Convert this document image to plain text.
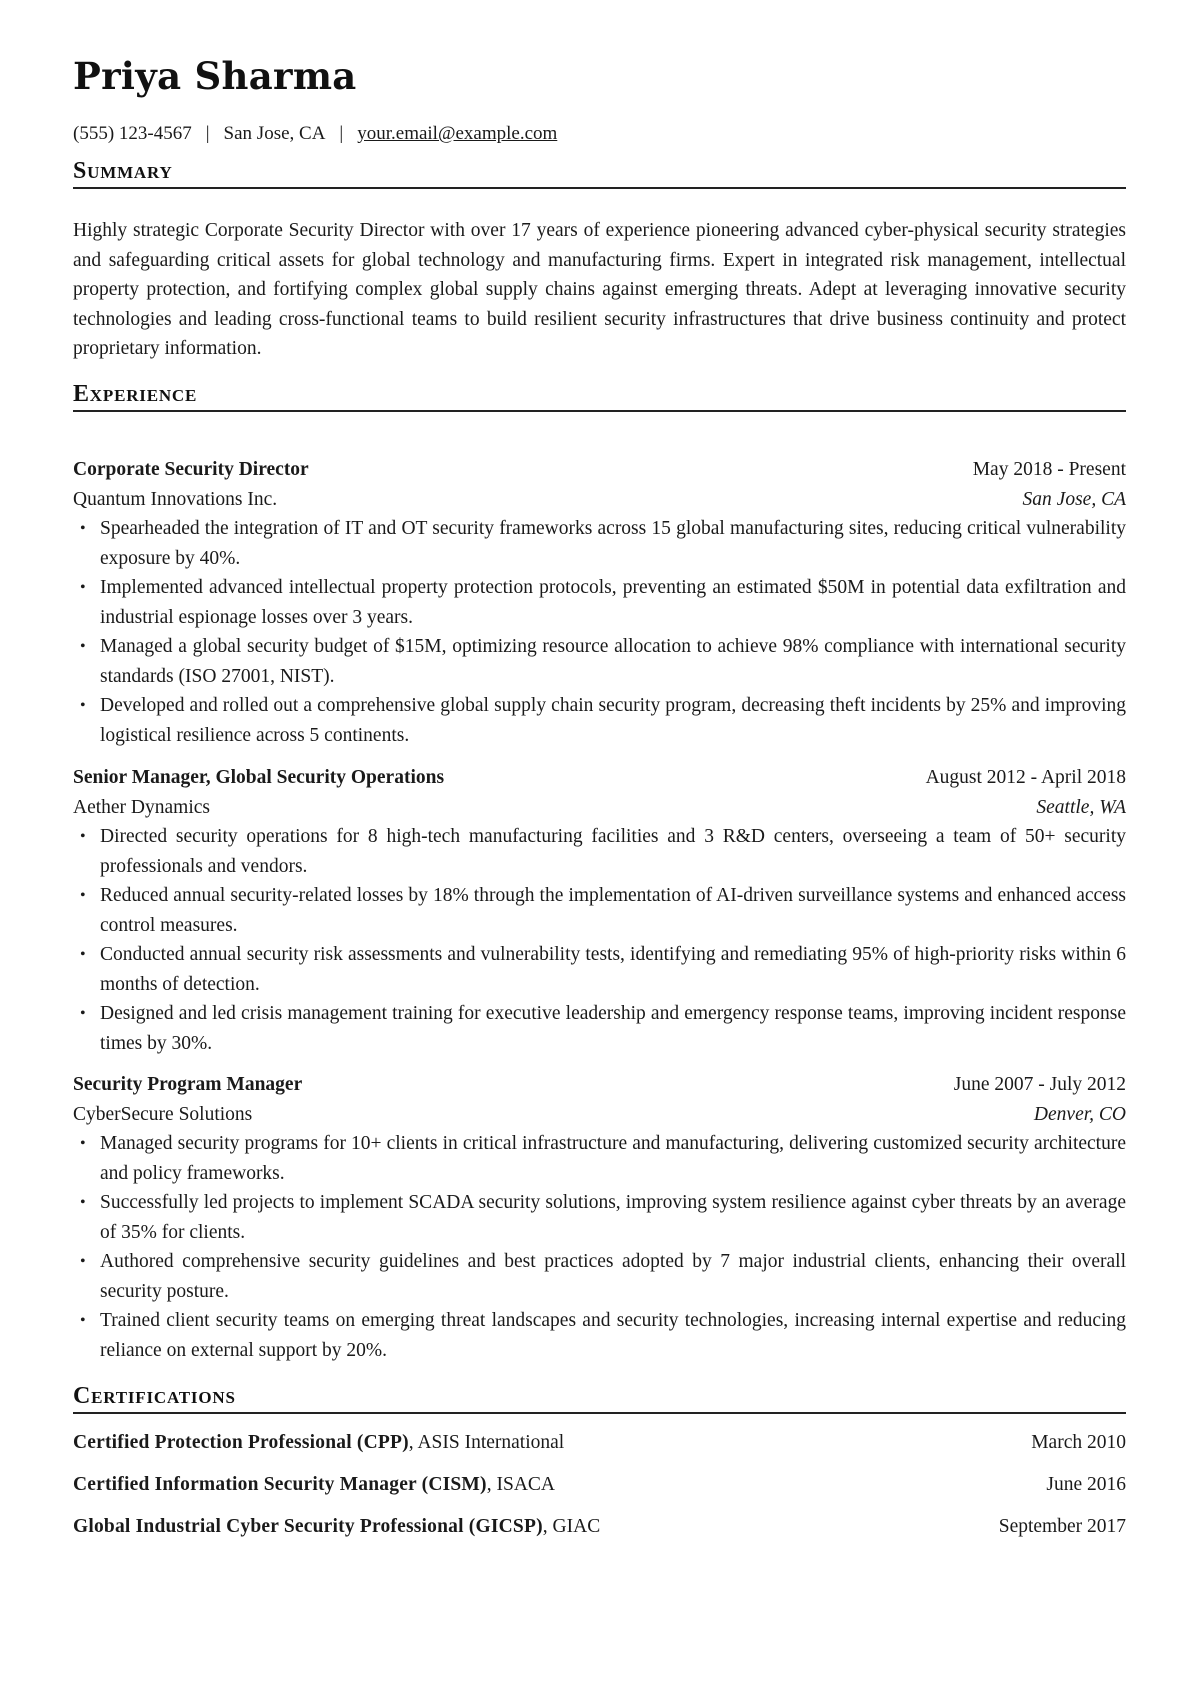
Priya Sharma
(555) 123-4567 | San Jose, CA | your.email@example.com
Summary

Highly strategic Corporate Security Director with over 17 years of experience pioneering advanced cyber-physical security strategies and safeguarding critical assets for global technology and manufacturing firms. Expert in integrated risk management, intellectual property protection, and fortifying complex global supply chains against emerging threats. Adept at leveraging innovative security technologies and leading cross-functional teams to build resilient security infrastructures that drive business continuity and protect proprietary information.

Experience
Corporate Security Director	May 2018 - Present
Quantum Innovations Inc.	San Jose, CA
• Spearheaded the integration of IT and OT security frameworks across 15 global manufacturing sites, reducing critical vulnerability exposure by 40%.
• Implemented advanced intellectual property protection protocols, preventing an estimated $50M in potential data exfiltration and industrial espionage losses over 3 years.
• Managed a global security budget of $15M, optimizing resource allocation to achieve 98% compliance with international security standards (ISO 27001, NIST).
• Developed and rolled out a comprehensive global supply chain security program, decreasing theft incidents by 25% and improving logistical resilience across 5 continents.
Senior Manager, Global Security Operations	August 2012 - April 2018
Aether Dynamics	Seattle, WA
• Directed security operations for 8 high-tech manufacturing facilities and 3 R&D centers, overseeing a team of 50+ security professionals and vendors.
• Reduced annual security-related losses by 18% through the implementation of AI-driven surveillance systems and enhanced access control measures.
• Conducted annual security risk assessments and vulnerability tests, identifying and remediating 95% of high-priority risks within 6 months of detection.
• Designed and led crisis management training for executive leadership and emergency response teams, improving incident response times by 30%.
Security Program Manager	June 2007 - July 2012
CyberSecure Solutions	Denver, CO
• Managed security programs for 10+ clients in critical infrastructure and manufacturing, delivering customized security architecture and policy frameworks.
• Successfully led projects to implement SCADA security solutions, improving system resilience against cyber threats by an average of 35% for clients.
• Authored comprehensive security guidelines and best practices adopted by 7 major industrial clients, enhancing their overall security posture.
• Trained client security teams on emerging threat landscapes and security technologies, increasing internal expertise and reducing reliance on external support by 20%.
Certifications
Certified Protection Professional (CPP), ASIS International	March 2010
Certified Information Security Manager (CISM), ISACA	June 2016
Global Industrial Cyber Security Professional (GICSP), GIAC	September 2017
